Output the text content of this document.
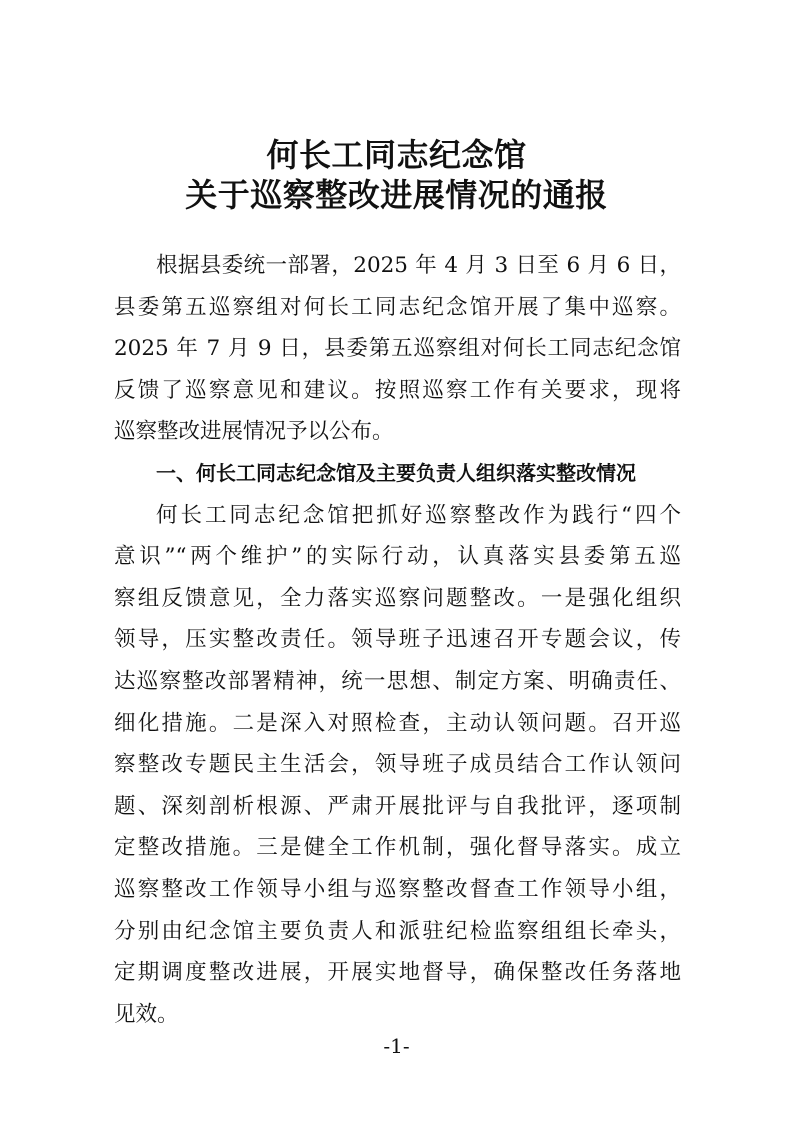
何长工同志纪念馆
关于巡察整改进展情况的通报
根据县委统一部署，2025 年 4 月 3 日至 6 月 6 日，
县委第五巡察组对何长工同志纪念馆开展了集中巡察。
2025 年 7 月 9 日，县委第五巡察组对何长工同志纪念馆
反馈了巡察意见和建议。按照巡察工作有关要求，现将
巡察整改进展情况予以公布。
一、何长工同志纪念馆及主要负责人组织落实整改情况
何长工同志纪念馆把抓好巡察整改作为践行“四个
意识”“两个维护”的实际行动，认真落实县委第五巡
察组反馈意见，全力落实巡察问题整改。一是强化组织
领导，压实整改责任。领导班子迅速召开专题会议，传
达巡察整改部署精神，统一思想、制定方案、明确责任、
细化措施。二是深入对照检查，主动认领问题。召开巡
察整改专题民主生活会，领导班子成员结合工作认领问
题、深刻剖析根源、严肃开展批评与自我批评，逐项制
定整改措施。三是健全工作机制，强化督导落实。成立
巡察整改工作领导小组与巡察整改督查工作领导小组，
分别由纪念馆主要负责人和派驻纪检监察组组长牵头，
定期调度整改进展，开展实地督导，确保整改任务落地
见效。
-1-
